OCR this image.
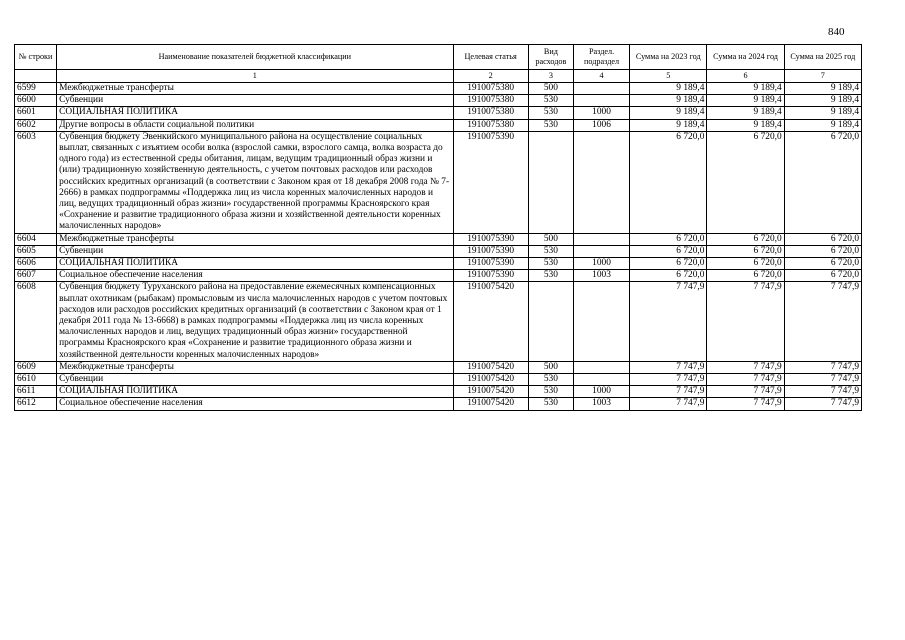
840
№ строки	Наименование показателей бюджетной классификации	Целевая статья	Вид расходов	Раздел. подраздел	Сумма на 2023 год	Сумма на 2024 год	Сумма на 2025 год
	1	2	3	4	5	6	7
6599	Межбюджетные трансферты	1910075380	500		9 189,4	9 189,4	9 189,4
6600	Субвенции	1910075380	530		9 189,4	9 189,4	9 189,4
6601	СОЦИАЛЬНАЯ ПОЛИТИКА	1910075380	530	1000	9 189,4	9 189,4	9 189,4
6602	Другие вопросы в области социальной политики	1910075380	530	1006	9 189,4	9 189,4	9 189,4
6603	Субвенция бюджету Эвенкийского муниципального района на осуществление социальных выплат, связанных с изъятием особи волка (взрослой самки, взрослого самца, волка возраста до одного года) из естественной среды обитания, лицам, ведущим традиционный образ жизни и (или) традиционную хозяйственную деятельность, с учетом почтовых расходов или расходов российских кредитных организаций (в соответствии с Законом края от 18 декабря 2008 года № 7-2666) в рамках подпрограммы «Поддержка лиц из числа коренных малочисленных народов и лиц, ведущих традиционный образ жизни» государственной программы Красноярского края «Сохранение и развитие традиционного образа жизни и хозяйственной деятельности коренных малочисленных народов»	1910075390			6 720,0	6 720,0	6 720,0
6604	Межбюджетные трансферты	1910075390	500		6 720,0	6 720,0	6 720,0
6605	Субвенции	1910075390	530		6 720,0	6 720,0	6 720,0
6606	СОЦИАЛЬНАЯ ПОЛИТИКА	1910075390	530	1000	6 720,0	6 720,0	6 720,0
6607	Социальное обеспечение населения	1910075390	530	1003	6 720,0	6 720,0	6 720,0
6608	Субвенция бюджету Туруханского района на предоставление ежемесячных компенсационных выплат охотникам (рыбакам) промысловым из числа малочисленных народов с учетом почтовых расходов или расходов российских кредитных организаций (в соответствии с Законом края от 1 декабря 2011 года № 13-6668) в рамках подпрограммы «Поддержка лиц из числа коренных малочисленных народов и лиц, ведущих традиционный образ жизни» государственной программы Красноярского края «Сохранение и развитие традиционного образа жизни и хозяйственной деятельности коренных малочисленных народов»	1910075420			7 747,9	7 747,9	7 747,9
6609	Межбюджетные трансферты	1910075420	500		7 747,9	7 747,9	7 747,9
6610	Субвенции	1910075420	530		7 747,9	7 747,9	7 747,9
6611	СОЦИАЛЬНАЯ ПОЛИТИКА	1910075420	530	1000	7 747,9	7 747,9	7 747,9
6612	Социальное обеспечение населения	1910075420	530	1003	7 747,9	7 747,9	7 747,9
